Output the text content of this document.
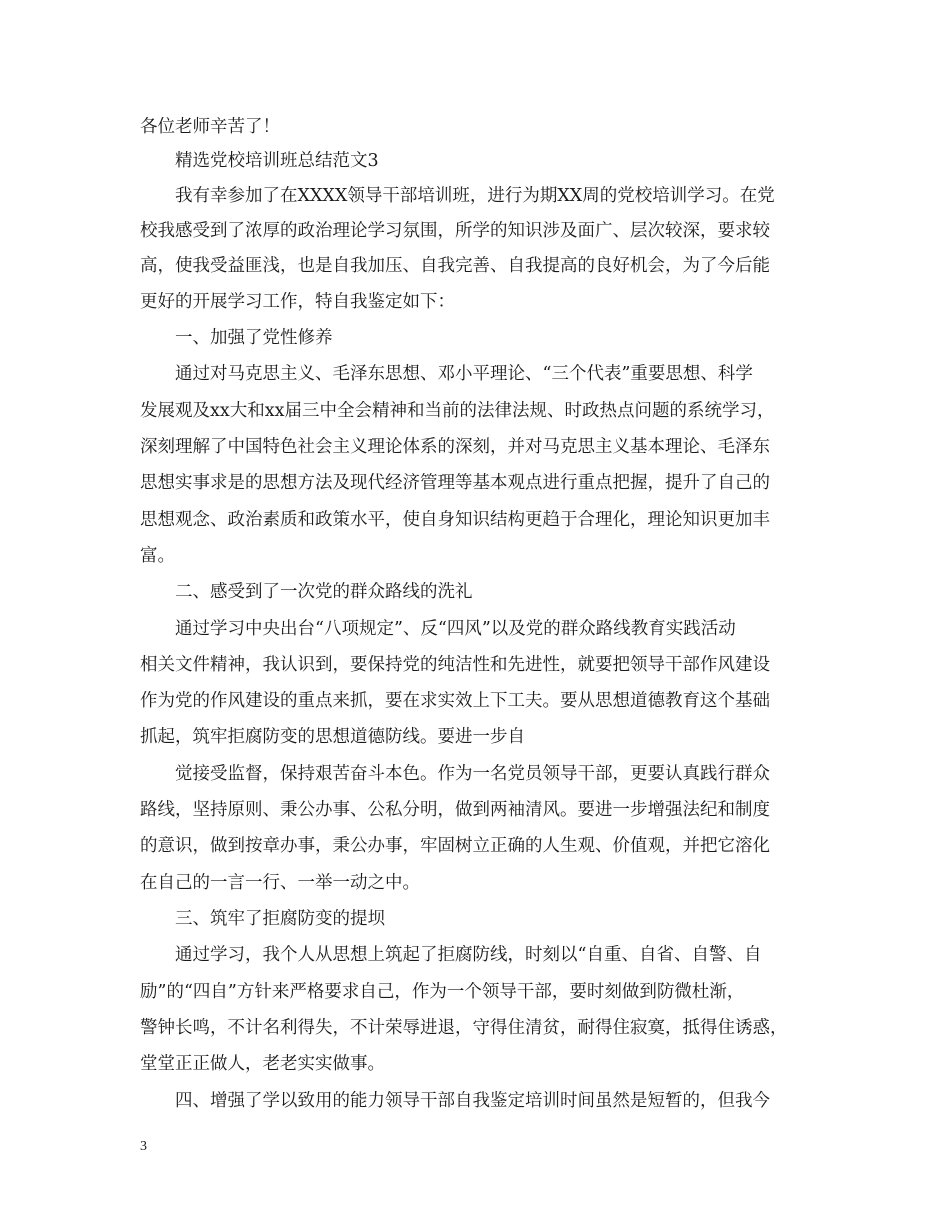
各位老师辛苦了！
精选党校培训班总结范文3
我有幸参加了在XXXX领导干部培训班，进行为期XX周的党校培训学习。在党
校我感受到了浓厚的政治理论学习氛围，所学的知识涉及面广、层次较深，要求较
高，使我受益匪浅，也是自我加压、自我完善、自我提高的良好机会，为了今后能
更好的开展学习工作，特自我鉴定如下：
一、加强了党性修养
通过对马克思主义、毛泽东思想、邓小平理论、“三个代表”重要思想、科学
发展观及xx大和xx届三中全会精神和当前的法律法规、时政热点问题的系统学习，
深刻理解了中国特色社会主义理论体系的深刻，并对马克思主义基本理论、毛泽东
思想实事求是的思想方法及现代经济管理等基本观点进行重点把握，提升了自己的
思想观念、政治素质和政策水平，使自身知识结构更趋于合理化，理论知识更加丰
富。
二、感受到了一次党的群众路线的洗礼
通过学习中央出台“八项规定”、反“四风”以及党的群众路线教育实践活动
相关文件精神，我认识到，要保持党的纯洁性和先进性，就要把领导干部作风建设
作为党的作风建设的重点来抓，要在求实效上下工夫。要从思想道德教育这个基础
抓起，筑牢拒腐防变的思想道德防线。要进一步自
觉接受监督，保持艰苦奋斗本色。作为一名党员领导干部，更要认真践行群众
路线，坚持原则、秉公办事、公私分明，做到两袖清风。要进一步增强法纪和制度
的意识，做到按章办事，秉公办事，牢固树立正确的人生观、价值观，并把它溶化
在自己的一言一行、一举一动之中。
三、筑牢了拒腐防变的提坝
通过学习，我个人从思想上筑起了拒腐防线，时刻以“自重、自省、自警、自
励”的“四自”方针来严格要求自己，作为一个领导干部，要时刻做到防微杜渐，
警钟长鸣，不计名利得失，不计荣辱进退，守得住清贫，耐得住寂寞，抵得住诱惑，
堂堂正正做人，老老实实做事。
四、增强了学以致用的能力领导干部自我鉴定培训时间虽然是短暂的，但我今
3
